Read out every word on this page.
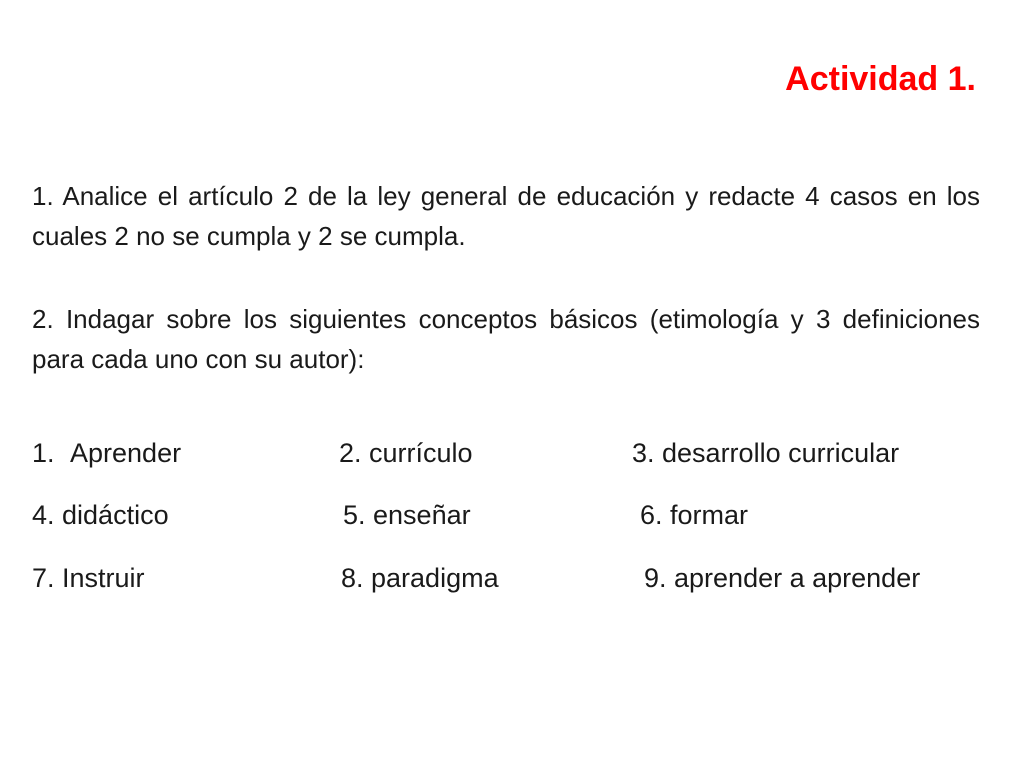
Actividad 1.
1. Analice el artículo 2 de la ley general de educación y redacte 4 casos en los cuales 2 no se cumpla y 2 se cumpla.
2. Indagar sobre los siguientes conceptos básicos (etimología y 3 definiciones para cada uno con su autor):
1. Aprender	2. currículo	3. desarrollo curricular
4. didáctico	5. enseñar	6. formar
7. Instruir	8. paradigma	9. aprender a aprender
